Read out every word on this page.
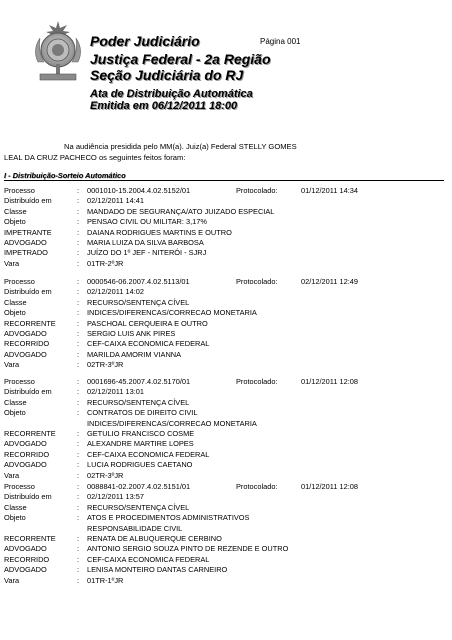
Poder Judiciário
Justiça Federal - 2a Região
Seção Judiciária do RJ
Ata de Distribuição Automática
Emitida em 06/12/2011 18:00
Página 001
Na audiência presidida pelo MM(a). Juiz(a) Federal STELLY GOMES
LEAL DA CRUZ PACHECO os seguintes feitos foram:
I - Distribuição-Sorteio Automático
Processo	: 0001010-15.2004.4.02.5152/01	Protocolado:	01/12/2011 14:34
Distribuído em	: 02/12/2011 14:41
Classe	: MANDADO DE SEGURANÇA/ATO JUIZADO ESPECIAL
Objeto	: PENSAO CIVIL OU MILITAR: 3,17%
IMPETRANTE	: DAIANA RODRIGUES MARTINS E OUTRO
ADVOGADO	: MARIA LUIZA DA SILVA BARBOSA
IMPETRADO	: JUÍZO DO 1º JEF - NITERÓI - SJRJ
Vara	: 01TR-2ºJR
Processo	: 0000546-06.2007.4.02.5113/01	Protocolado:	02/12/2011 12:49
Distribuído em	: 02/12/2011 14:02
Classe	: RECURSO/SENTENÇA CÍVEL
Objeto	: INDICES/DIFERENCAS/CORRECAO MONETARIA
RECORRENTE	: PASCHOAL CERQUEIRA E OUTRO
ADVOGADO	: SERGIO LUIS ANK PIRES
RECORRIDO	: CEF-CAIXA ECONOMICA FEDERAL
ADVOGADO	: MARILDA AMORIM VIANNA
Vara	: 02TR-3ºJR
Processo	: 0001696-45.2007.4.02.5170/01	Protocolado:	01/12/2011 12:08
Distribuído em	: 02/12/2011 13:01
Classe	: RECURSO/SENTENÇA CÍVEL
Objeto	: CONTRATOS DE DIREITO CIVIL
INDICES/DIFERENCAS/CORRECAO MONETARIA
RECORRENTE	: GETULIO FRANCISCO COSME
ADVOGADO	: ALEXANDRE MARTIRE LOPES
RECORRIDO	: CEF-CAIXA ECONOMICA FEDERAL
ADVOGADO	: LUCIA RODRIGUES CAETANO
Vara	: 02TR-3ºJR
Processo	: 0088841-02.2007.4.02.5151/01	Protocolado:	01/12/2011 12:08
Distribuído em	: 02/12/2011 13:57
Classe	: RECURSO/SENTENÇA CÍVEL
Objeto	: ATOS E PROCEDIMENTOS ADMINISTRATIVOS
RESPONSABILIDADE CIVIL
RECORRENTE	: RENATA DE ALBUQUERQUE CERBINO
ADVOGADO	: ANTONIO SERGIO SOUZA PINTO DE REZENDE E OUTRO
RECORRIDO	: CEF-CAIXA ECONOMICA FEDERAL
ADVOGADO	: LENISA MONTEIRO DANTAS CARNEIRO
Vara	: 01TR-1ºJR
